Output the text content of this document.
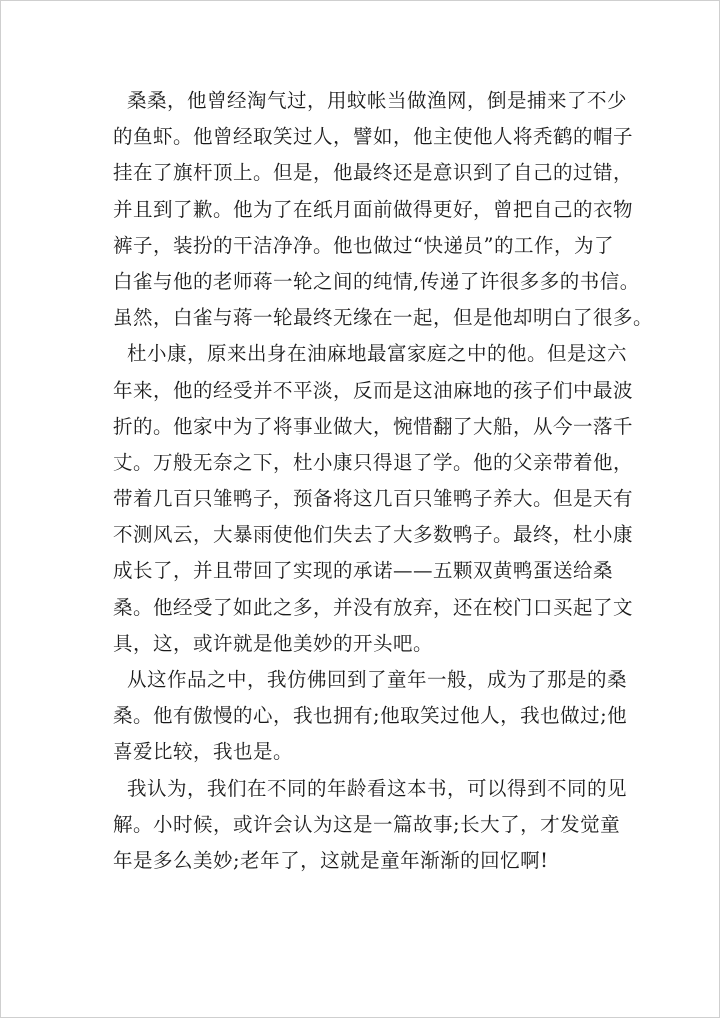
桑桑，他曾经淘气过，用蚊帐当做渔网，倒是捕来了不少
的鱼虾。他曾经取笑过人，譬如，他主使他人将秃鹤的帽子
挂在了旗杆顶上。但是，他最终还是意识到了自己的过错，
并且到了歉。他为了在纸月面前做得更好，曾把自己的衣物
裤子，装扮的干洁净净。他也做过“快递员”的工作，为了
白雀与他的老师蒋一轮之间的纯情,传递了许很多多的书信。
虽然，白雀与蒋一轮最终无缘在一起，但是他却明白了很多。
杜小康，原来出身在油麻地最富家庭之中的他。但是这六
年来，他的经受并不平淡，反而是这油麻地的孩子们中最波
折的。他家中为了将事业做大，惋惜翻了大船，从今一落千
丈。万般无奈之下，杜小康只得退了学。他的父亲带着他，
带着几百只雏鸭子，预备将这几百只雏鸭子养大。但是天有
不测风云，大暴雨使他们失去了大多数鸭子。最终，杜小康
成长了，并且带回了实现的承诺——五颗双黄鸭蛋送给桑
桑。他经受了如此之多，并没有放弃，还在校门口买起了文
具，这，或许就是他美妙的开头吧。
从这作品之中，我仿佛回到了童年一般，成为了那是的桑
桑。他有傲慢的心，我也拥有;他取笑过他人，我也做过;他
喜爱比较，我也是。
我认为，我们在不同的年龄看这本书，可以得到不同的见
解。小时候，或许会认为这是一篇故事;长大了，才发觉童
年是多么美妙;老年了，这就是童年渐渐的回忆啊!
